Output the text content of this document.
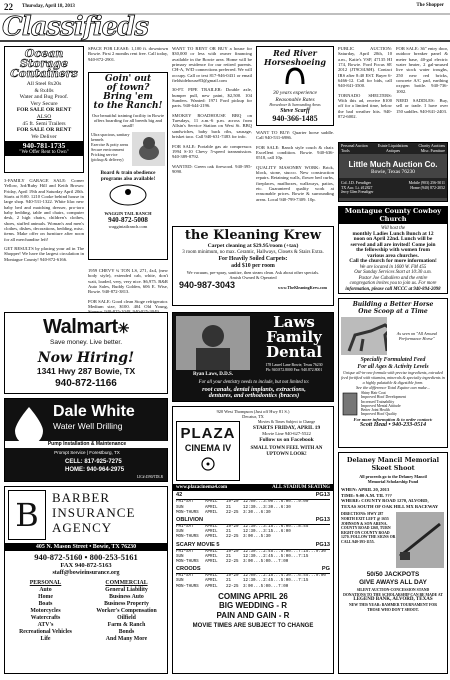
22 Thursday, April 18, 2013	The Shopper
Classifieds
Ocean
Storage
Containers
All Steel 8x20s
& 8x40s
Water and Bug Proof.
Very Secure
FOR SALE OR RENT
ALSO
45 ft. Semi Trailers
FOR SALE OR RENT
We Deliver
940-781-1735
"We Offer Rent to Own"

3-FAMILY GARAGE SALE: Corner Yellow, 3rd/Ruby Hill and Keith Brown: Friday, April 19th and Saturday April 20th. Starts at 8:00. 1210 Cooke behind house in large shop. 940-531-1322. White lilac new baby bed and matching dresser, pro-toro baby bedding, table and chairs, computer desk, 2 high chairs, children's clothes, shoes, stuffed animals. Woman's and men's clothes, dishes, decorations, bedding, misc. items. Make offer on furniture after noon for all merchandise left!

GET RESULTS by placing your ad in The Shopper! We have the largest circulation in Montague County! 940-872-6166.

SPACE FOR LEASE: 1,100 ft. downtown Bowie. First 2 months rent free. Call today, 940-872-2901.

Goin' out
of town?
Bring 'em
to the Ranch!
Our beautiful training facility in Bowie offers boarding for all breeds big and small!
Ultra spacious, sanitary kennels
Exercise & potty areas
Secure environment
Pricking service (pickup & delivery)
Board & train obedience
programs also available!
WAGGIN TAIL RANCH
940-872-5008
waggintailranch.com

1959 CHEVY ¾ TON LS, 271, 4x4, (new body style), extended cab, white, don't wait, loaded, very, very nice. $6,975. B&R Auto Sales, Buddy Golden, 606 E. Wise, Bowie. 940-872-3813.

FOR SALE: Good clean Stoge refrigerator. Medium size, $100. 404 Old Young, Stoneur. 940-825-1048, 940-825-3049.

WANT TO RENT OR BUY a house for $30,000 or less with owner financing available in the Bowie area. Home will be primary residence for our retired parents. CH-A, W/D connections preferred. We will occupy. Call or text 817-946-0431 or email fieldsidehouse83@gmail.com

30-FT. PIPE TRAILER: Double axle, bumper pull, new paint, $2,500. 104 Sunders. Wanted: 1971 Ford pickup for parts. 940-644-2196.

SMOKEY ROADHOUSE BBQ on Tuesdays, 11 a.m.-6 p.m. across from Allsin's Service Station on West St. BBQ sandwiches, baby back ribs, sausage, brisket taco. Call 940-631-7483 for info.

FOR SALE: Portable gas air compressor. 1994 S-10 Chevy 5-speed transmission. 940-389-8792.

WANTED: Green oak firewood. 940-395-9090.

Red River
Horseshoeing
30 years experience
Reasonable Rates
Horseshoer & Surrounding Areas
Steve Scarff
940-366-1485

WANT TO BUY: Quarter horse saddle. Call 940-531-6986.

FOR SALE: Ranch style couch & chair. Excellent condition. Bowie. 940-636-0518, call 10p.

QUALITY MASONRY WORK: Brick, block, stone, stucco. New construction repairs. Retaining walls, flower bed curbs, fireplaces, mailboxes, walkways, patios, etc. Guaranteed quality work at reasonable prices. Bowie & surrounding areas. Local 940-799-7309. 10p.

PUBLIC AUCTION: Saturday, April 20th, 10 a.m., Katie's VSP, 47135 HI 174, Bowie. Ford Focus SE 2012 (JT9C6U6H). Contact IRS after 8:40 EST. Buyer 6-6466-12. Call for bids, call 940-841-3500.

TORNADO SHELTERS: With this ad, receive $100 off for a limited time, below the bad weather hits. 940-872-6002.

FOR SALE: 36" entry door, outdoor breaker panel & meter base, 40-gal electric water heater, 2 gal-unused live stock water troughs, 250 new red bricks, concrete A/C pad, earthing oxygen bottle. 940-736-1002.

NEED SADDLES: Buy, sell or trade. I have over 150 saddles. 940-841-2403.

Personal Auction Tools
Estate Liquidations Antiques
Charity Auctions Misc. Furniture
Little Much Auction Co.
Bowie, Texas 76230
Col. J.D. Freudiger
TX Auc. Li. #12827
Jerry Glen Freudiger
Mobile (903) 256-5011
Home (940) 872-2052
Montague County Cowboy Church
Will host the
monthly Ladies Lunch Bunch at 12
noon on April 22nd. Lunch will be
served and all are invited! Come join
the fellowship with women from
various area churches.
Call the church for more information!
We are located in 1600 W. FM 455
Our Sunday Services Start at 10:30 a.m.
Pastor Joe Caballero and the entire
congregation invites you to join us. For more
information, please call MCCC at 940-894-2098
the Kleaning Krew
Carpet cleaning at $29.95/room (+tax)
3 room minimum, no max. Ceramic, Hallways, Closets & Stairs Extra.
For Heavily Soiled Carpets:
add $10 per room
We vacuum, pre-spray, sanitize, then steam clean. Ask about other specials.
Amish Owned & Operated
940-987-3043	www.TheKleaningKrew.com
Building a Better Horse
One Scoop at a Time
As seen on "All Around Performance Horse"
Specially Formulated Feed
For all Ages & Activity Levels
Unique all-in-one formula with precise ingredients, extruded feed fortified with vitamins, minerals & specialty ingredients in a highly palatable & digestible form.
See the difference Total Equine can make...
Shiny Hair Coat
Improved Hoof Development
Increased Trainability
Improved Mental Attitude
Better Joint Health
Improved Hoof Quality
For more information & to order contact:
Scott Head • 940-233-0514
Walmart✳
Save money. Live better.
Now Hiring!
1341 Hwy 287 Bowie, TX
940-872-1166
Ryan Laws, D.D.S.
Laws
Family
Dental
178 Laurel Lane Bowie, Texas 76230
Ph: 940.872.8000 Fax: 940.872.8001
For all your dentistry needs to include, but not limited to:
root canals, dental implants, extractions,
dentures, and orthodontics (braces)
Dale White
Water Well Drilling
Pump Installation & Maintenance
Prompt Service | Forestburg, TX
CELL: 817-925-7275
HOME: 940-964-2975
LIC# 4590/TDLR
920 West Thompson (Just off Hwy 81 S.)
Decatur, TX
PLAZA
CINEMA IV
Movies & Times Subject to Change
STARTS FRIDAY, APRIL 19
Movie Line 940-627-5522
Follow us on Facebook
SMALL TOWN FEEL WITH AN UPTOWN LOOK!
www.plazacinema4.com	ALL STADIUM SEATING
42	PG13
FRI-SAT	APRIL	19-20	12:00...3:00...6:00...9:00
SUN	APRIL	21	12:30...3:30...6:30
MON-THURS	APRIL	22-25	3:30...6:30
OBLIVION	PG13
FRI-SAT	APRIL	19-20	12:30...3:15...6:00...8:45
SUN	APRIL	21	12:30...3:15...6:00
MON-THURS	APRIL	22-25	3:00...5:30
SCARY MOVIE 5	PG13
FRI-SAT	APRIL	19-20	12:30...2:45...5:00...7:15...9:30
SUN	APRIL	21	12:30...2:45...5:00...7:15
MON-THURS	APRIL	22-25	3:00...5:00...7:00
CROODS	PG
FRI-SAT	APRIL	19-20	12:00...2:15...4:30...6:45...9:00
SUN	APRIL	21	12:30...2:45...5:00...7:15
MON-THURS	APRIL	22-25	3:00...5:00...7:00
COMING APRIL 26
BIG WEDDING - R
PAIN AND GAIN - R
MOVIE TIMES ARE SUBJECT TO CHANGE
B	BARBER
INSURANCE
AGENCY
405 N. Mason Street • Bowie, TX 76230
940-872-5160 • 800-253-5161
FAX 940-872-5163
staff@bowieinsurance.org
PERSONAL
Auto
Home
Boats
Motorcycles
Watercrafts
ATV's
Recreational Vehicles
Life
COMMERCIAL
General Liability
Business Auto
Business Property
Worker's Compensation
Oilfield
Farm & Ranch
Bonds
And Many More
Delaney Mancil Memorial
Skeet Shoot
All proceeds go to the Delaney Mancil
Memorial Scholarship Fund
WHEN: APRIL 20, 2013
TIME: 9:00 A.M. TIL ???
WHERE: COUNTY ROAD 1270, ALVORD,
TEXAS SOUTH OF OAK HILL MX RACEWAY
DIRECTIONS: HWY 287 NORTH EXIT LEFT @ 1655 JOHNSON & SON ARENA. COUNTY ROAD 1268, TURN RIGHT ON COUNTY ROAD 1270. FOLLOW THE SIGNS OR CALL 940-393-1155.
50/50 JACKPOTS
GIVE AWAYS ALL DAY
SILENT AUCTION-CONCESSION STAND
DONATIONS TO THE SCHOLARSHIP CAN BE MADE AT
LEGEND BANK, ALVORD, TEXAS
NEW THIS YEAR: BAMMER TOURNAMENT FOR
THOSE WHO DON'T SHOOT.
